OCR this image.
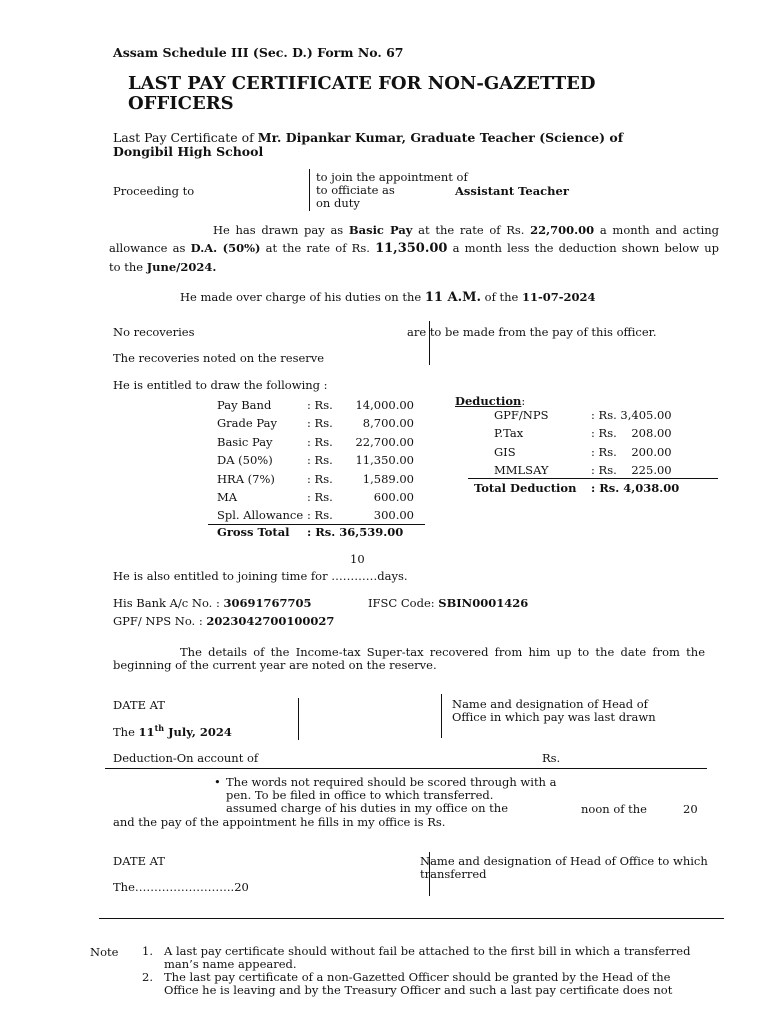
Assam Schedule III (Sec. D.) Form No. 67
LAST PAY CERTIFICATE FOR NON-GAZETTED
OFFICERS
Last Pay Certificate of Mr. Dipankar Kumar, Graduate Teacher (Science) of
Dongibil High School
Proceeding to
to join the appointment of
to officiate as
on duty
Assistant Teacher
He has drawn pay as Basic Pay at the rate of Rs. 22,700.00 a month and acting
allowance as D.A. (50%) at the rate of Rs. 11,350.00 a month less the deduction shown below up
to the June/2024.
He made over charge of his duties on the 11 A.M. of the 11-07-2024
No recoveries
The recoveries noted on the reserve
are to be made from the pay of this officer.
He is entitled to draw the following :
Pay Band	: Rs.	14,000.00
Grade Pay	: Rs.	8,700.00
Basic Pay	: Rs.	22,700.00
DA (50%)	: Rs.	11,350.00
HRA (7%)	: Rs.	1,589.00
MA	: Rs.	600.00
Spl. Allowance : Rs.	300.00
Gross Total : Rs. 36,539.00
Deduction:
GPF/NPS	: Rs. 3,405.00
P.Tax	: Rs.    208.00
GIS	: Rs.    200.00
MMLSAY	: Rs.    225.00
Total Deduction : Rs. 4,038.00
10
He is also entitled to joining time for …………days.
His Bank A/c No. : 30691767705	IFSC Code: SBIN0001426
GPF/ NPS No. : 202304270010002​7
The details of the Income-tax Super-tax recovered from him up to the date from the
beginning of the current year are noted on the reserve.
DATE AT
The 11th July, 2024
Name and designation of Head of
Office in which pay was last drawn
Deduction-On account of	Rs.
• The words not required should be scored through with a
pen. To be filed in office to which transferred.
assumed charge of his duties in my office on the	noon of the	20
and the pay of the appointment he fills in my office is Rs.
DATE AT
The……………………..20
Name and designation of Head of Office to which
transferred
Note 1. A last pay certificate should without fail be attached to the first bill in which a transferred
man’s name appeared.
2. The last pay certificate of a non-Gazetted Officer should be granted by the Head of the
Office he is leaving and by the Treasury Officer and such a last pay certificate does not
